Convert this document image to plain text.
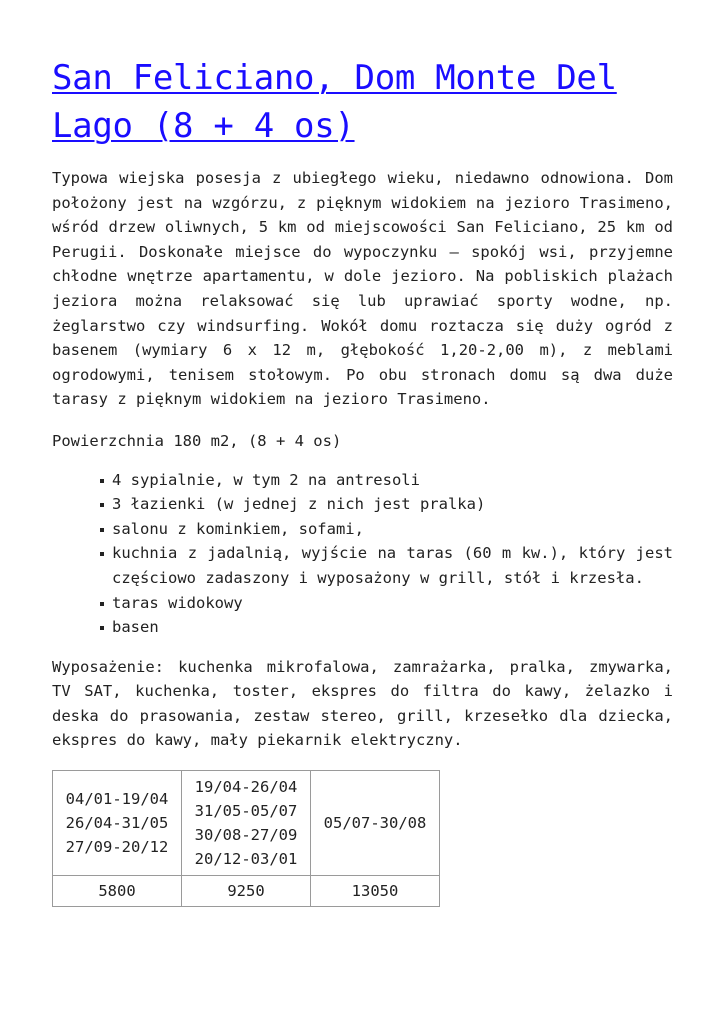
San Feliciano, Dom Monte Del Lago (8 + 4 os)

Typowa wiejska posesja z ubiegłego wieku, niedawno odnowiona. Dom położony jest na wzgórzu, z pięknym widokiem na jezioro Trasimeno, wśród drzew oliwnych, 5 km od miejscowości San Feliciano, 25 km od Perugii. Doskonałe miejsce do wypoczynku – spokój wsi, przyjemne chłodne wnętrze apartamentu, w dole jezioro. Na pobliskich plażach jeziora można relaksować się lub uprawiać sporty wodne, np. żeglarstwo czy windsurfing. Wokół domu roztacza się duży ogród z basenem (wymiary 6 x 12 m, głębokość 1,20-2,00 m), z meblami ogrodowymi, tenisem stołowym. Po obu stronach domu są dwa duże tarasy z pięknym widokiem na jezioro Trasimeno.

Powierzchnia 180 m2, (8 + 4 os)

4 sypialnie, w tym 2 na antresoli
3 łazienki (w jednej z nich jest pralka)
salonu z kominkiem, sofami,
kuchnia z jadalnią, wyjście na taras (60 m kw.), który jest częściowo zadaszony i wyposażony w grill, stół i krzesła.
taras widokowy
basen

Wyposażenie: kuchenka mikrofalowa, zamrażarka, pralka, zmywarka, TV SAT, kuchenka, toster, ekspres do filtra do kawy, żelazko i deska do prasowania, zestaw stereo, grill, krzesełko dla dziecka, ekspres do kawy, mały piekarnik elektryczny.

04/01-19/04
26/04-31/05
27/09-20/12	19/04-26/04
31/05-05/07
30/08-27/09
20/12-03/01	05/07-30/08

5800	9250	13050
